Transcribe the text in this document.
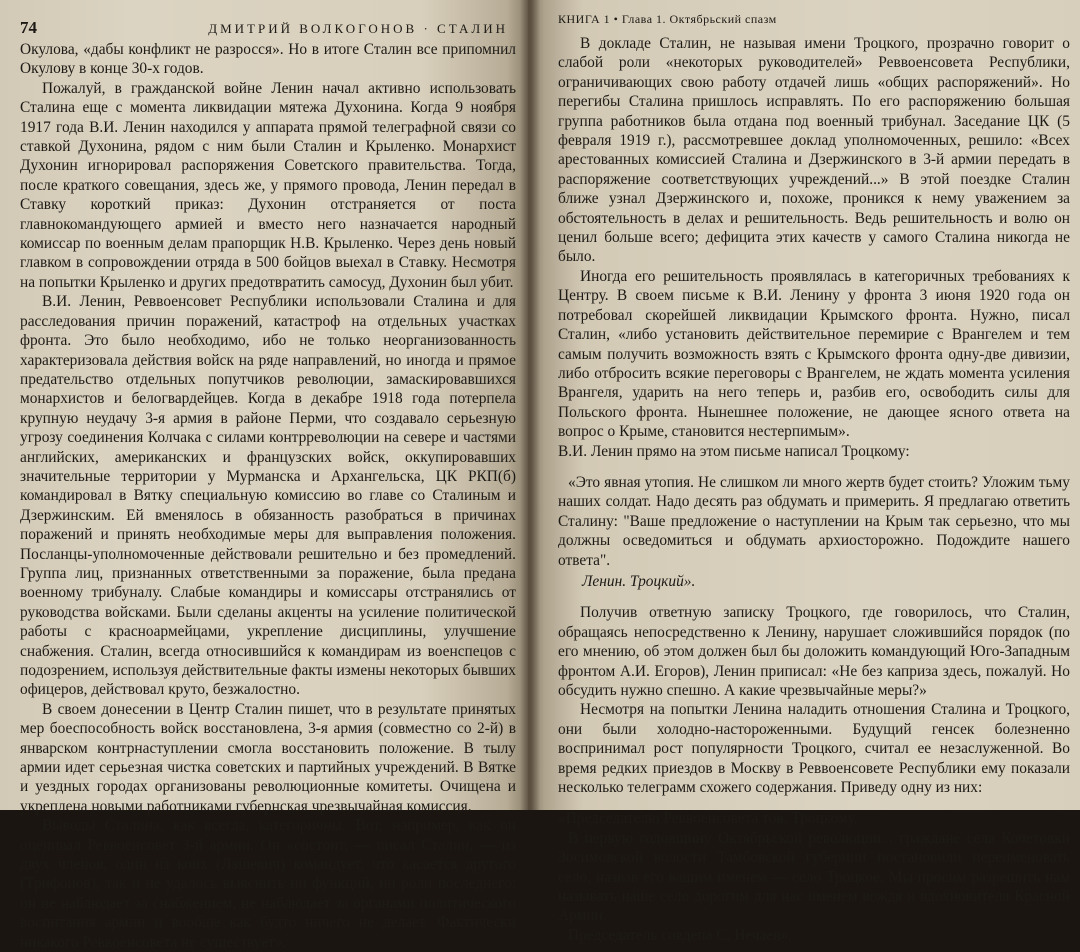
74	ДМИТРИЙ ВОЛКОГОНОВ · СТАЛИН

Окулова, «дабы конфликт не разросся». Но в итоге Сталин все припомнил Окулову в конце 30-х годов.

Пожалуй, в гражданской войне Ленин начал активно использовать Сталина еще с момента ликвидации мятежа Духонина. Когда 9 ноября 1917 года В.И. Ленин находился у аппарата прямой телеграфной связи со ставкой Духонина, рядом с ним были Сталин и Крыленко. Монархист Духонин игнорировал распоряжения Советского правительства. Тогда, после краткого совещания, здесь же, у прямого провода, Ленин передал в Ставку короткий приказ: Духонин отстраняется от поста главнокомандующего армией и вместо него назначается народный комиссар по военным делам прапорщик Н.В. Крыленко. Через день новый главком в сопровождении отряда в 500 бойцов выехал в Ставку. Несмотря на попытки Крыленко и других предотвратить самосуд, Духонин был убит.

В.И. Ленин, Реввоенсовет Республики использовали Сталина и для расследования причин поражений, катастроф на отдельных участках фронта. Это было необходимо, ибо не только неорганизованность характеризовала действия войск на ряде направлений, но иногда и прямое предательство отдельных попутчиков революции, замаскировавшихся монархистов и белогвардейцев. Когда в декабре 1918 года потерпела крупную неудачу 3-я армия в районе Перми, что создавало серьезную угрозу соединения Колчака с силами контрреволюции на севере и частями английских, американских и французских войск, оккупировавших значительные территории у Мурманска и Архангельска, ЦК РКП(б) командировал в Вятку специальную комиссию во главе со Сталиным и Дзержинским. Ей вменялось в обязанность разобраться в причинах поражений и принять необходимые меры для выправления положения. Посланцы-уполномоченные действовали решительно и без промедлений. Группа лиц, признанных ответственными за поражение, была предана военному трибуналу. Слабые командиры и комиссары отстранялись от руководства войсками. Были сделаны акценты на усиление политической работы с красноармейцами, укрепление дисциплины, улучшение снабжения. Сталин, всегда относившийся к командирам из военспецов с подозрением, используя действительные факты измены некоторых бывших офицеров, действовал круто, безжалостно.

В своем донесении в Центр Сталин пишет, что в результате принятых мер боеспособность войск восстановлена, 3-я армия (совместно со 2-й) в январском контрнаступлении смогла восстановить положение. В тылу армии идет серьезная чистка советских и партийных учреждений. В Вятке и уездных городах организованы революционные комитеты. Очищена и укреплена новыми работниками губернская чрезвычайная комиссия.

Выводы Сталина, как всегда, категоричны. Вот, например, как он оценивал Реввоенсовет 3-й армии. Он «состоит, — писал Сталин, — из двух членов, один из коих (Лашевич) командует, что касается другого (Трифонов), так и не удалось выяснить ни функций, ни роли последнего: он не наблюдает за снабжением, не наблюдает за органами политического воспитания армии и вообще как будто ничего не делает. Фактически никакого Реввоенсовета не существует».

КНИГА 1 • Глава 1. Октябрьский спазм

В докладе Сталин, не называя имени Троцкого, прозрачно говорит о слабой роли «некоторых руководителей» Реввоенсовета Республики, ограничивающих свою работу отдачей лишь «общих распоряжений». Но перегибы Сталина пришлось исправлять. По его распоряжению большая группа работников была отдана под военный трибунал. Заседание ЦК (5 февраля 1919 г.), рассмотревшее доклад уполномоченных, решило: «Всех арестованных комиссией Сталина и Дзержинского в 3-й армии передать в распоряжение соответствующих учреждений...» В этой поездке Сталин ближе узнал Дзержинского и, похоже, проникся к нему уважением за обстоятельность в делах и решительность. Ведь решительность и волю он ценил больше всего; дефицита этих качеств у самого Сталина никогда не было.

Иногда его решительность проявлялась в категоричных требованиях к Центру. В своем письме к В.И. Ленину у фронта 3 июня 1920 года он потребовал скорейшей ликвидации Крымского фронта. Нужно, писал Сталин, «либо установить действительное перемирие с Врангелем и тем самым получить возможность взять с Крымского фронта одну-две дивизии, либо отбросить всякие переговоры с Врангелем, не ждать момента усиления Врангеля, ударить на него теперь и, разбив его, освободить силы для Польского фронта. Нынешнее положение, не дающее ясного ответа на вопрос о Крыме, становится нестерпимым».

В.И. Ленин прямо на этом письме написал Троцкому:

«Это явная утопия. Не слишком ли много жертв будет стоить? Уложим тьму наших солдат. Надо десять раз обдумать и примерить. Я предлагаю ответить Сталину: "Ваше предложение о наступлении на Крым так серьезно, что мы должны осведомиться и обдумать архиосторожно. Подождите нашего ответа".

Ленин. Троцкий».

Получив ответную записку Троцкого, где говорилось, что Сталин, обращаясь непосредственно к Ленину, нарушает сложившийся порядок (по его мнению, об этом должен был бы доложить командующий Юго-Западным фронтом А.И. Егоров), Ленин приписал: «Не без каприза здесь, пожалуй. Но обсудить нужно спешно. А какие чрезвычайные меры?»

Несмотря на попытки Ленина наладить отношения Сталина и Троцкого, они были холодно-настороженными. Будущий генсек болезненно воспринимал рост популярности Троцкого, считал ее незаслуженной. Во время редких приездов в Москву в Реввоенсовете Республики ему показали несколько телеграмм схожего содержания. Приведу одну из них:

«Председателю Реввоенсовета тов. Троцкому.

В первую годовщину Октябрьской революции... граждане села Кочетовки Зосимовской волости Тамбовской губернии постановили переименовать село, назвав его вашим именем — село Троцкое. Мы просим разрешить нам называть наше село дорогим для нас именем вождя и вдохновителя Красной Армии.

Председатель совдепа С. Нечаев».
